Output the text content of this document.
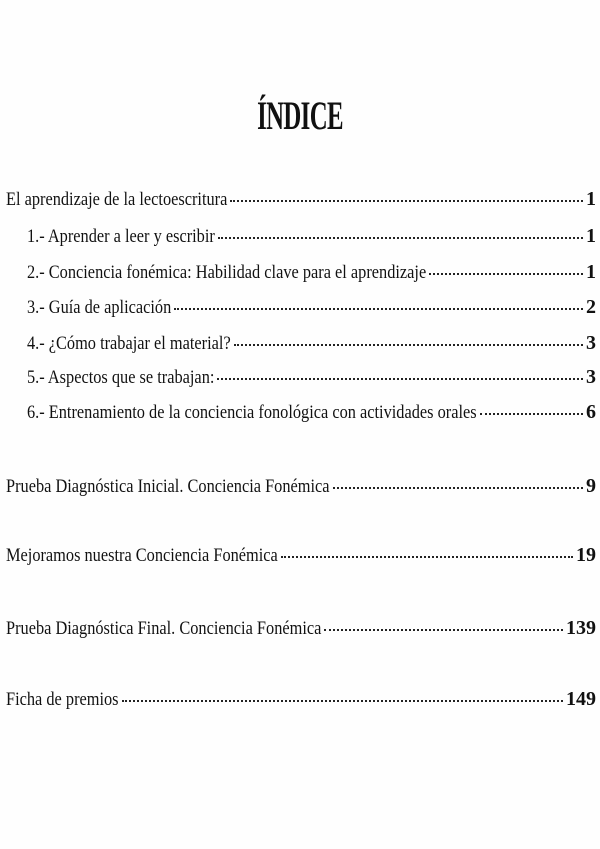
ÍNDICE
El aprendizaje de la lectoescritura	1
1.- Aprender a leer y escribir	1
2.- Conciencia fonémica: Habilidad clave para el aprendizaje	1
3.- Guía de aplicación	2
4.- ¿Cómo trabajar el material?	3
5.- Aspectos que se trabajan:	3
6.- Entrenamiento de la conciencia fonológica con actividades orales	6
Prueba Diagnóstica Inicial. Conciencia Fonémica	9
Mejoramos nuestra Conciencia Fonémica	19
Prueba Diagnóstica Final. Conciencia Fonémica	139
Ficha de premios	149
